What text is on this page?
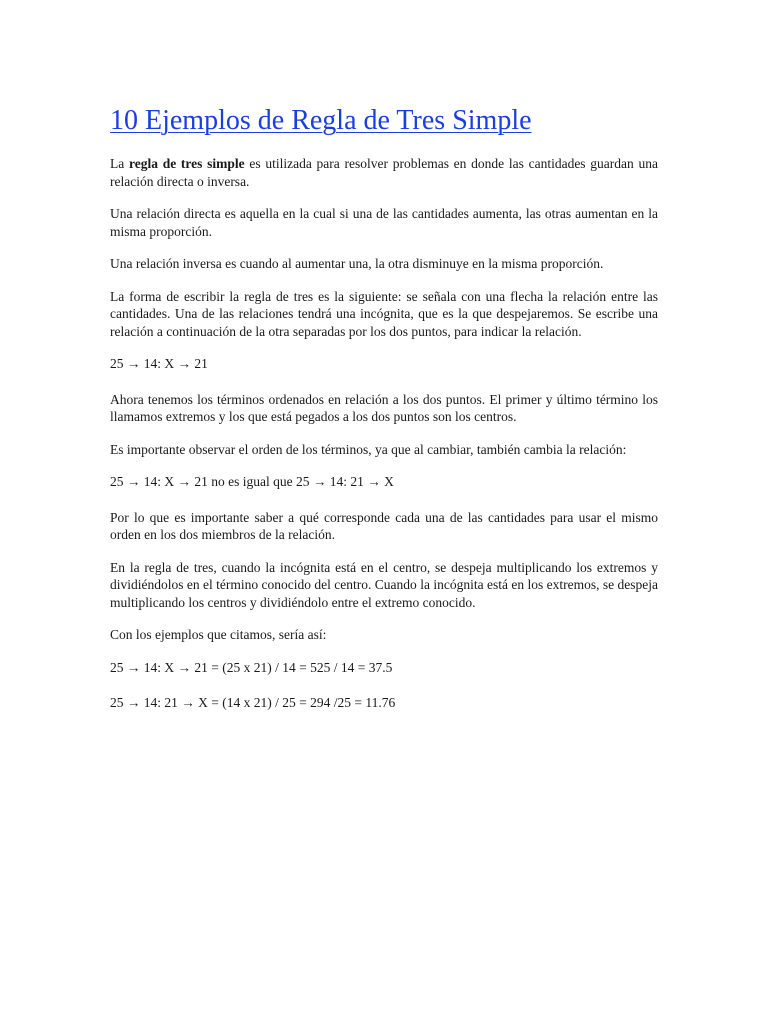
10 Ejemplos de Regla de Tres Simple

La regla de tres simple es utilizada para resolver problemas en donde las cantidades guardan una relación directa o inversa.

Una relación directa es aquella en la cual si una de las cantidades aumenta, las otras aumentan en la misma proporción.

Una relación inversa es cuando al aumentar una, la otra disminuye en la misma proporción.

La forma de escribir la regla de tres es la siguiente: se señala con una flecha la relación entre las cantidades. Una de las relaciones tendrá una incógnita, que es la que despejaremos. Se escribe una relación a continuación de la otra separadas por los dos puntos, para indicar la relación.

25 → 14: X → 21

Ahora tenemos los términos ordenados en relación a los dos puntos. El primer y último término los llamamos extremos y los que está pegados a los dos puntos son los centros.

Es importante observar el orden de los términos, ya que al cambiar, también cambia la relación:

25 → 14: X → 21 no es igual que 25 → 14: 21 → X

Por lo que es importante saber a qué corresponde cada una de las cantidades para usar el mismo orden en los dos miembros de la relación.

En la regla de tres, cuando la incógnita está en el centro, se despeja multiplicando los extremos y dividiéndolos en el término conocido del centro. Cuando la incógnita está en los extremos, se despeja multiplicando los centros y dividiéndolo entre el extremo conocido.

Con los ejemplos que citamos, sería así:

25 → 14: X → 21 = (25 x 21) / 14 = 525 / 14 = 37.5

25 → 14: 21 → X = (14 x 21) / 25 = 294 /25 = 11.76
